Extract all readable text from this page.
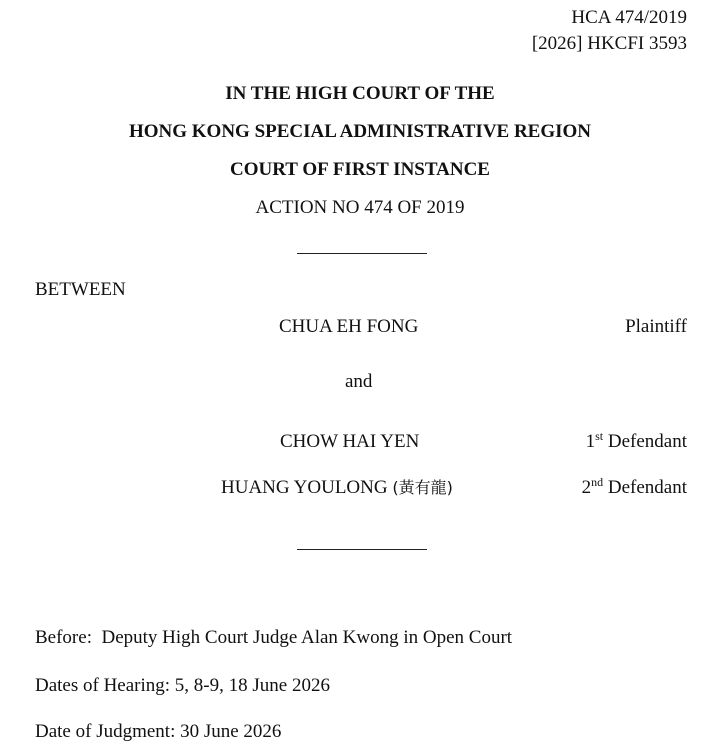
HCA 474/2019
[2026] HKCFI 3593
IN THE HIGH COURT OF THE
HONG KONG SPECIAL ADMINISTRATIVE REGION
COURT OF FIRST INSTANCE
ACTION NO 474 OF 2019
BETWEEN
CHUA EH FONG	Plaintiff
and
CHOW HAI YEN	1st Defendant
HUANG YOULONG (黃有龍)	2nd Defendant
Before: Deputy High Court Judge Alan Kwong in Open Court
Dates of Hearing: 5, 8-9, 18 June 2026
Date of Judgment: 30 June 2026
